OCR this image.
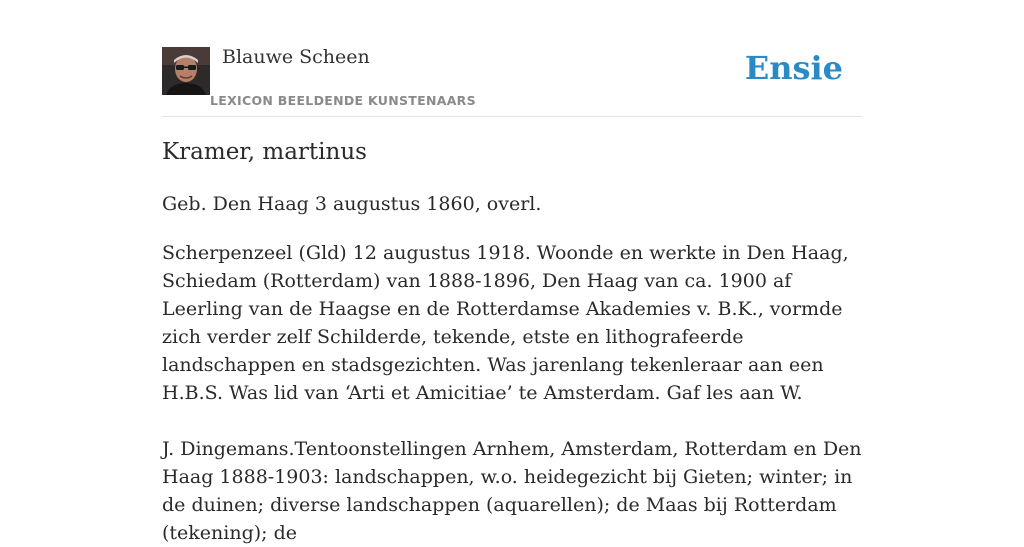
Blauwe Scheen
LEXICON BEELDENDE KUNSTENAARS
Ensie
Kramer, martinus
Geb. Den Haag 3 augustus 1860, overl.

Scherpenzeel (Gld) 12 augustus 1918. Woonde en werkte in Den Haag, Schiedam (Rotterdam) van 1888-1896, Den Haag van ca. 1900 af Leerling van de Haagse en de Rotterdamse Akademies v. B.K., vormde zich verder zelf Schilderde, tekende, etste en lithografeerde landschappen en stadsgezichten. Was jarenlang tekenleraar aan een H.B.S. Was lid van ‘Arti et Amicitiae’ te Amsterdam. Gaf les aan W.

J. Dingemans.Tentoonstellingen Arnhem, Amsterdam, Rotterdam en Den Haag 1888-1903: landschappen, w.o. heidegezicht bij Gieten; winter; in de duinen; diverse landschappen (aquarellen); de Maas bij Rotterdam (tekening); de
